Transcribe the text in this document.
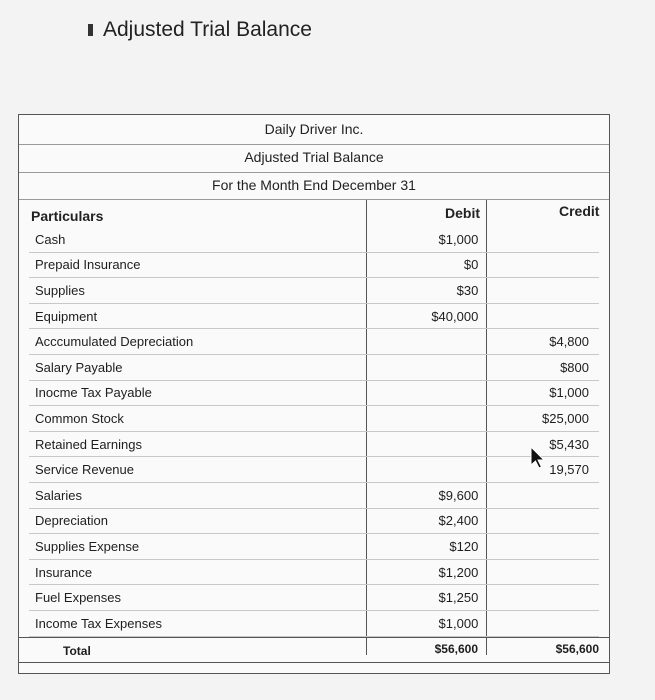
Adjusted Trial Balance
Daily Driver Inc.
Adjusted Trial Balance
For the Month End December 31
Particulars	Debit	Credit
Cash	$1,000	
Prepaid Insurance	$0	
Supplies	$30	
Equipment	$40,000	
Acccumulated Depreciation		$4,800
Salary Payable		$800
Inocme Tax Payable		$1,000
Common Stock		$25,000
Retained Earnings		$5,430
Service Revenue		19,570
Salaries	$9,600	
Depreciation	$2,400	
Supplies Expense	$120	
Insurance	$1,200	
Fuel Expenses	$1,250	
Income Tax Expenses	$1,000	
Total	$56,600	$56,600
